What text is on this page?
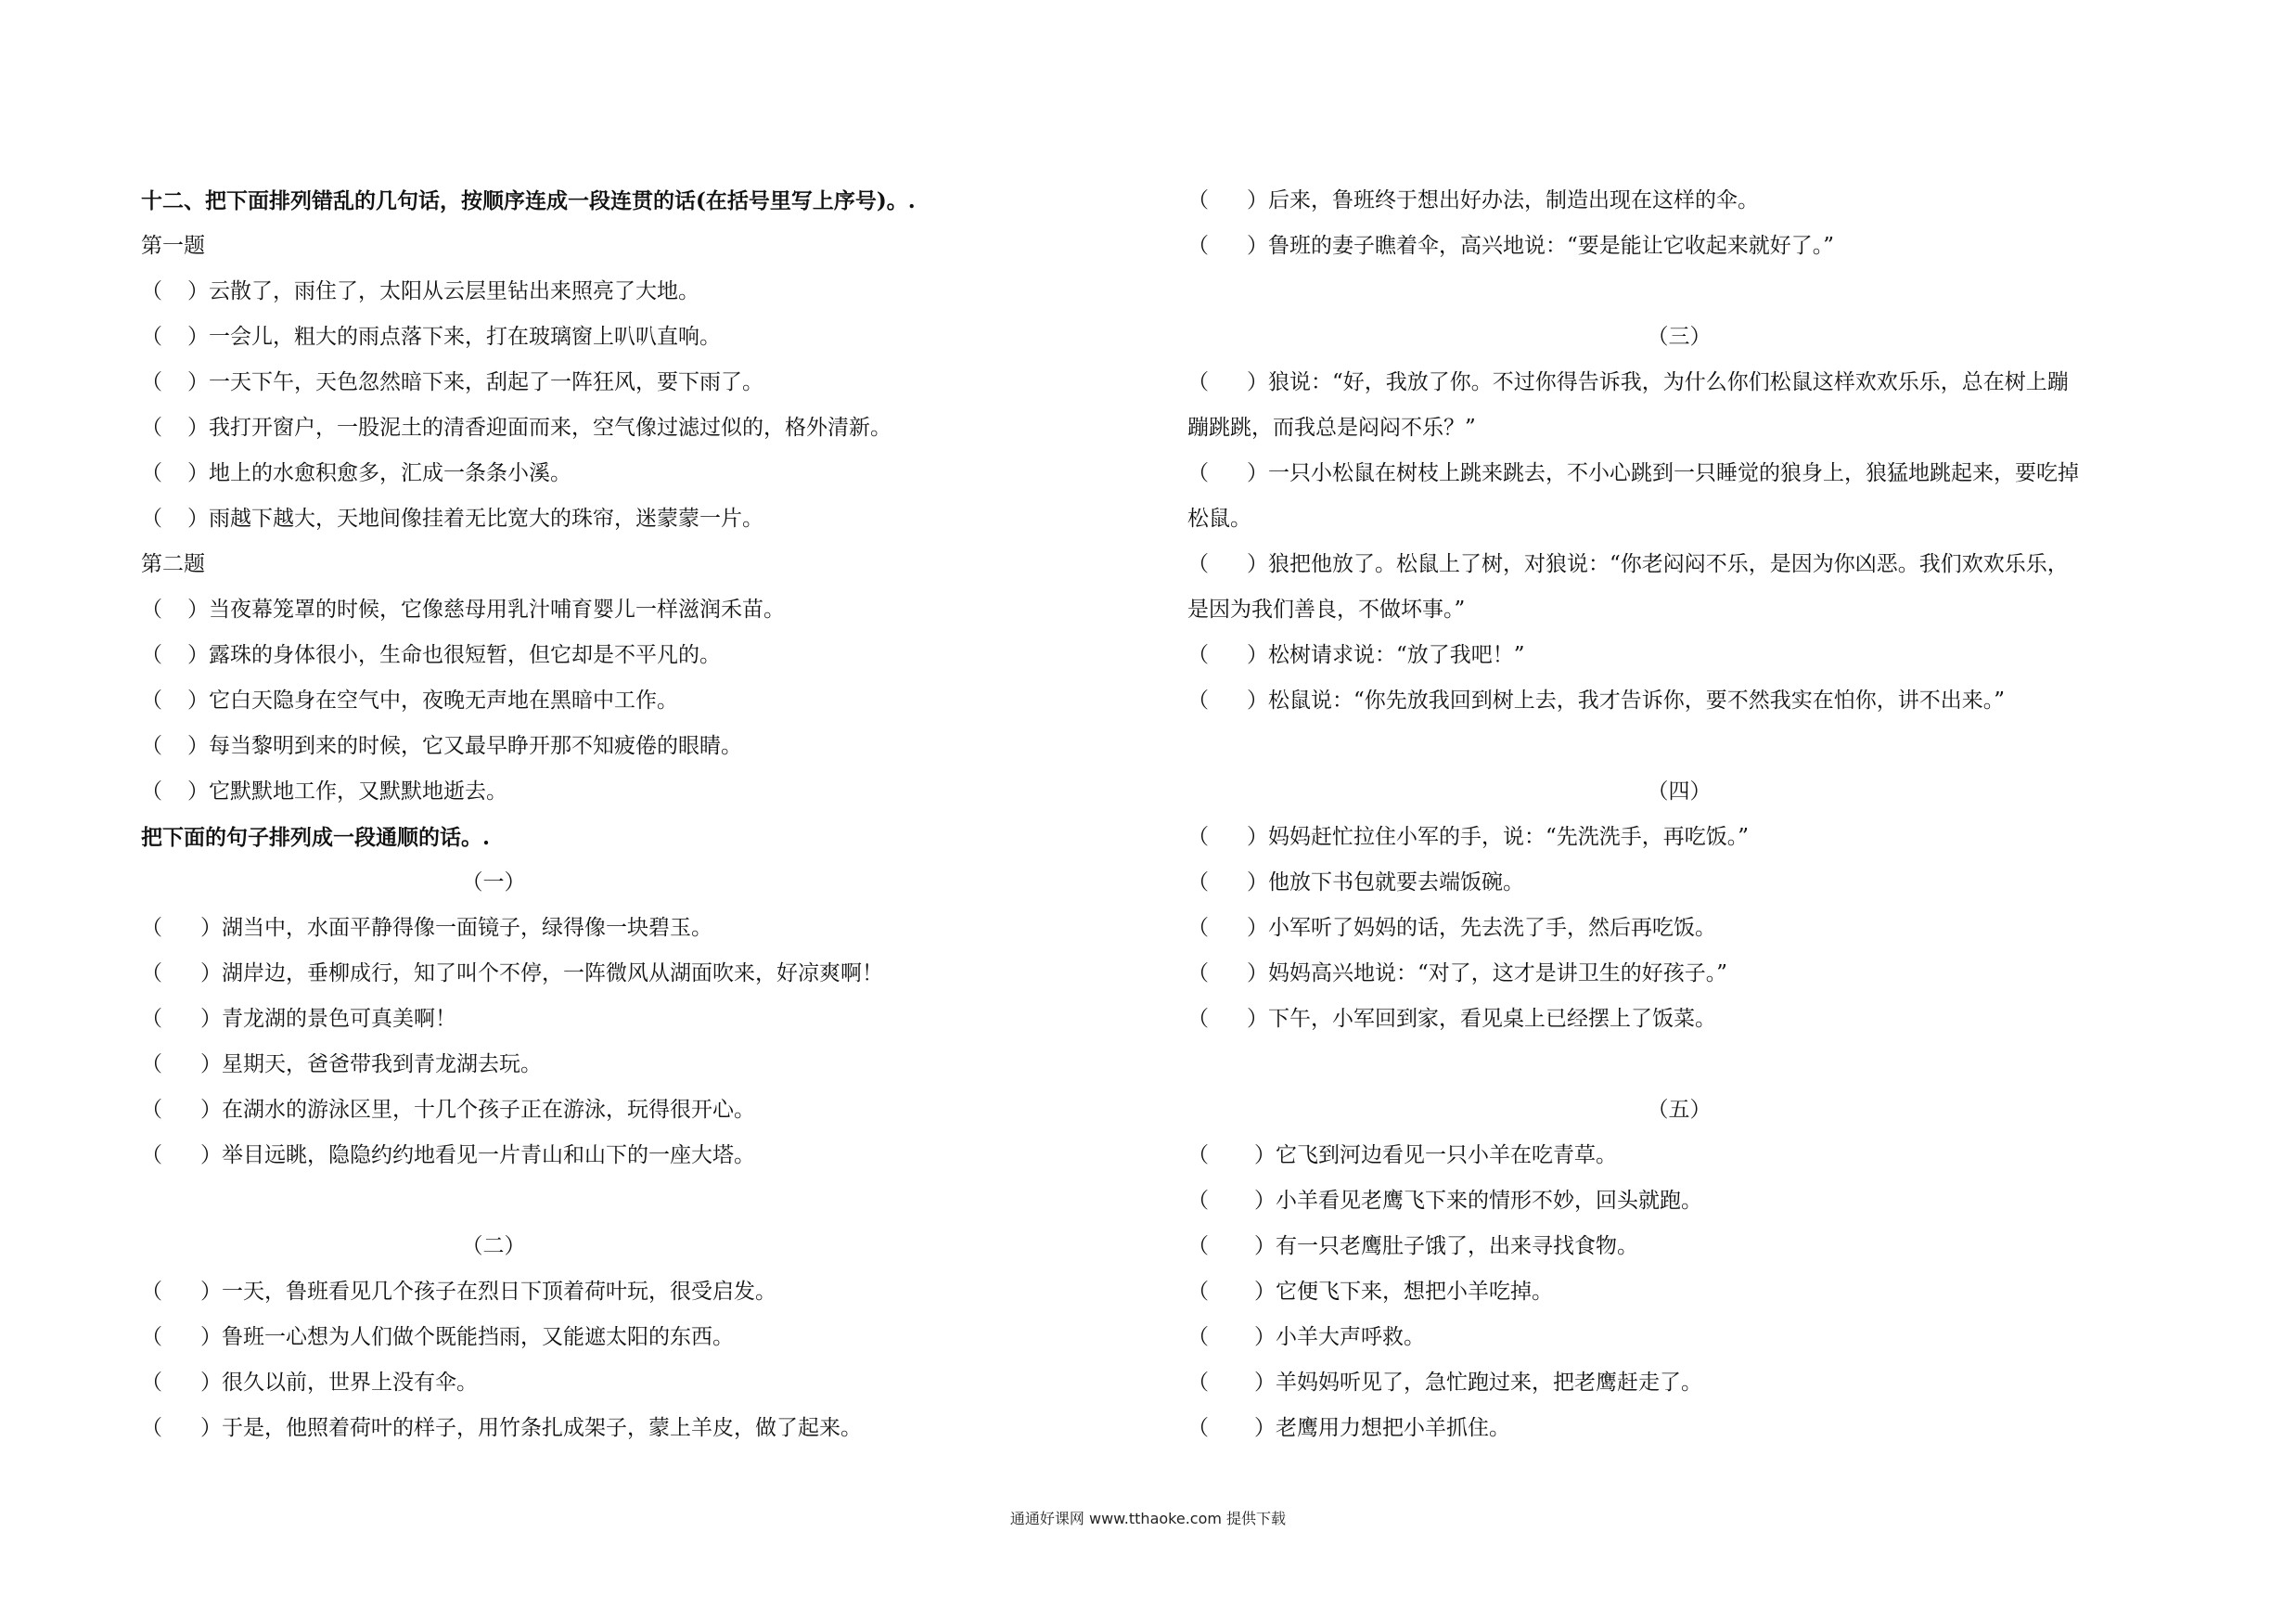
十二、把下面排列错乱的几句话，按顺序连成一段连贯的话(在括号里写上序号)。.
第一题
（ ）云散了，雨住了，太阳从云层里钻出来照亮了大地。
（ ）一会儿，粗大的雨点落下来，打在玻璃窗上叭叭直响。
（ ）一天下午，天色忽然暗下来，刮起了一阵狂风，要下雨了。
（ ）我打开窗户，一股泥土的清香迎面而来，空气像过滤过似的，格外清新。
（ ）地上的水愈积愈多，汇成一条条小溪。
（ ）雨越下越大，天地间像挂着无比宽大的珠帘，迷蒙蒙一片。
第二题
（ ）当夜幕笼罩的时候，它像慈母用乳汁哺育婴儿一样滋润禾苗。
（ ）露珠的身体很小，生命也很短暂，但它却是不平凡的。
（ ）它白天隐身在空气中，夜晚无声地在黑暗中工作。
（ ）每当黎明到来的时候，它又最早睁开那不知疲倦的眼睛。
（ ）它默默地工作，又默默地逝去。
把下面的句子排列成一段通顺的话。.
（一）
（ ）湖当中，水面平静得像一面镜子，绿得像一块碧玉。
（ ）湖岸边，垂柳成行，知了叫个不停，一阵微风从湖面吹来，好凉爽啊！
（ ）青龙湖的景色可真美啊！
（ ）星期天，爸爸带我到青龙湖去玩。
（ ）在湖水的游泳区里，十几个孩子正在游泳，玩得很开心。
（ ）举目远眺，隐隐约约地看见一片青山和山下的一座大塔。
（二）
（ ）一天，鲁班看见几个孩子在烈日下顶着荷叶玩，很受启发。
（ ）鲁班一心想为人们做个既能挡雨，又能遮太阳的东西。
（ ）很久以前，世界上没有伞。
（ ）于是，他照着荷叶的样子，用竹条扎成架子，蒙上羊皮，做了起来。
（ ）后来，鲁班终于想出好办法，制造出现在这样的伞。
（ ）鲁班的妻子瞧着伞，高兴地说：“要是能让它收起来就好了。”
（三）
（ ）狼说：“好，我放了你。不过你得告诉我，为什么你们松鼠这样欢欢乐乐，总在树上蹦
蹦跳跳，而我总是闷闷不乐？”
（ ）一只小松鼠在树枝上跳来跳去，不小心跳到一只睡觉的狼身上，狼猛地跳起来，要吃掉
松鼠。
（ ）狼把他放了。松鼠上了树，对狼说：“你老闷闷不乐，是因为你凶恶。我们欢欢乐乐，
是因为我们善良，不做坏事。”
（ ）松树请求说：“放了我吧！”
（ ）松鼠说：“你先放我回到树上去，我才告诉你，要不然我实在怕你，讲不出来。”
（四）
（ ）妈妈赶忙拉住小军的手，说：“先洗洗手，再吃饭。”
（ ）他放下书包就要去端饭碗。
（ ）小军听了妈妈的话，先去洗了手，然后再吃饭。
（ ）妈妈高兴地说：“对了，这才是讲卫生的好孩子。”
（ ）下午，小军回到家，看见桌上已经摆上了饭菜。
（五）
（ ）它飞到河边看见一只小羊在吃青草。
（ ）小羊看见老鹰飞下来的情形不妙，回头就跑。
（ ）有一只老鹰肚子饿了，出来寻找食物。
（ ）它便飞下来，想把小羊吃掉。
（ ）小羊大声呼救。
（ ）羊妈妈听见了，急忙跑过来，把老鹰赶走了。
（ ）老鹰用力想把小羊抓住。
通通好课网 www.tthaoke.com 提供下载
